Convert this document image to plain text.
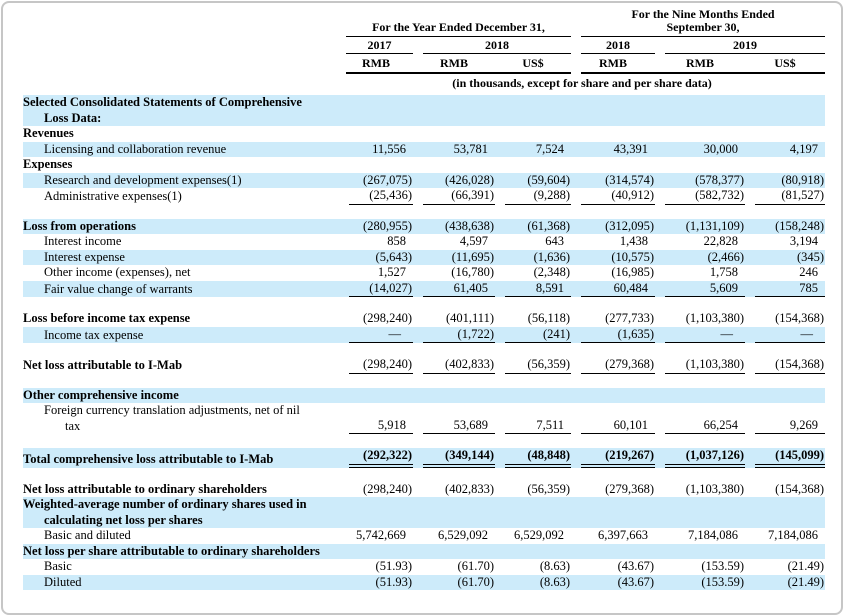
	For the Year Ended December 31,			For the Nine Months Ended
September 30,		

	2017	2018		2018	2019	

	RMB	RMB	US$	RMB	RMB	US$

	(in thousands, except for share and per share data)					

Selected Consolidated Statements of Comprehensive
Loss Data:						

Revenues						

Licensing and collaboration revenue	11,556	53,781	7,524	43,391	30,000	4,197

Expenses						

Research and development expenses(1)	(267,075)	(426,028)	(59,604)	(314,574)	(578,377)	(80,918)

Administrative expenses(1)	(25,436)	(66,391)	(9,288)	(40,912)	(582,732)	(81,527)

Loss from operations	(280,955)	(438,638)	(61,368)	(312,095)	(1,131,109)	(158,248)

Interest income	858	4,597	643	1,438	22,828	3,194

Interest expense	(5,643)	(11,695)	(1,636)	(10,575)	(2,466)	(345)

Other income (expenses), net	1,527	(16,780)	(2,348)	(16,985)	1,758	246

Fair value change of warrants	(14,027)	61,405	8,591	60,484	5,609	785

Loss before income tax expense	(298,240)	(401,111)	(56,118)	(277,733)	(1,103,380)	(154,368)

Income tax expense	—	(1,722)	(241)	(1,635)	—	—

Net loss attributable to I-Mab	(298,240)	(402,833)	(56,359)	(279,368)	(1,103,380)	(154,368)

Other comprehensive income						

Foreign currency translation adjustments, net of nil
tax	5,918	53,689	7,511	60,101	66,254	9,269

Total comprehensive loss attributable to I-Mab	(292,322)	(349,144)	(48,848)	(219,267)	(1,037,126)	(145,099)

Net loss attributable to ordinary shareholders	(298,240)	(402,833)	(56,359)	(279,368)	(1,103,380)	(154,368)

Weighted-average number of ordinary shares used in
calculating net loss per shares						

Basic and diluted	5,742,669	6,529,092	6,529,092	6,397,663	7,184,086	7,184,086

Net loss per share attributable to ordinary shareholders						

Basic	(51.93)	(61.70)	(8.63)	(43.67)	(153.59)	(21.49)

Diluted	(51.93)	(61.70)	(8.63)	(43.67)	(153.59)	(21.49)
